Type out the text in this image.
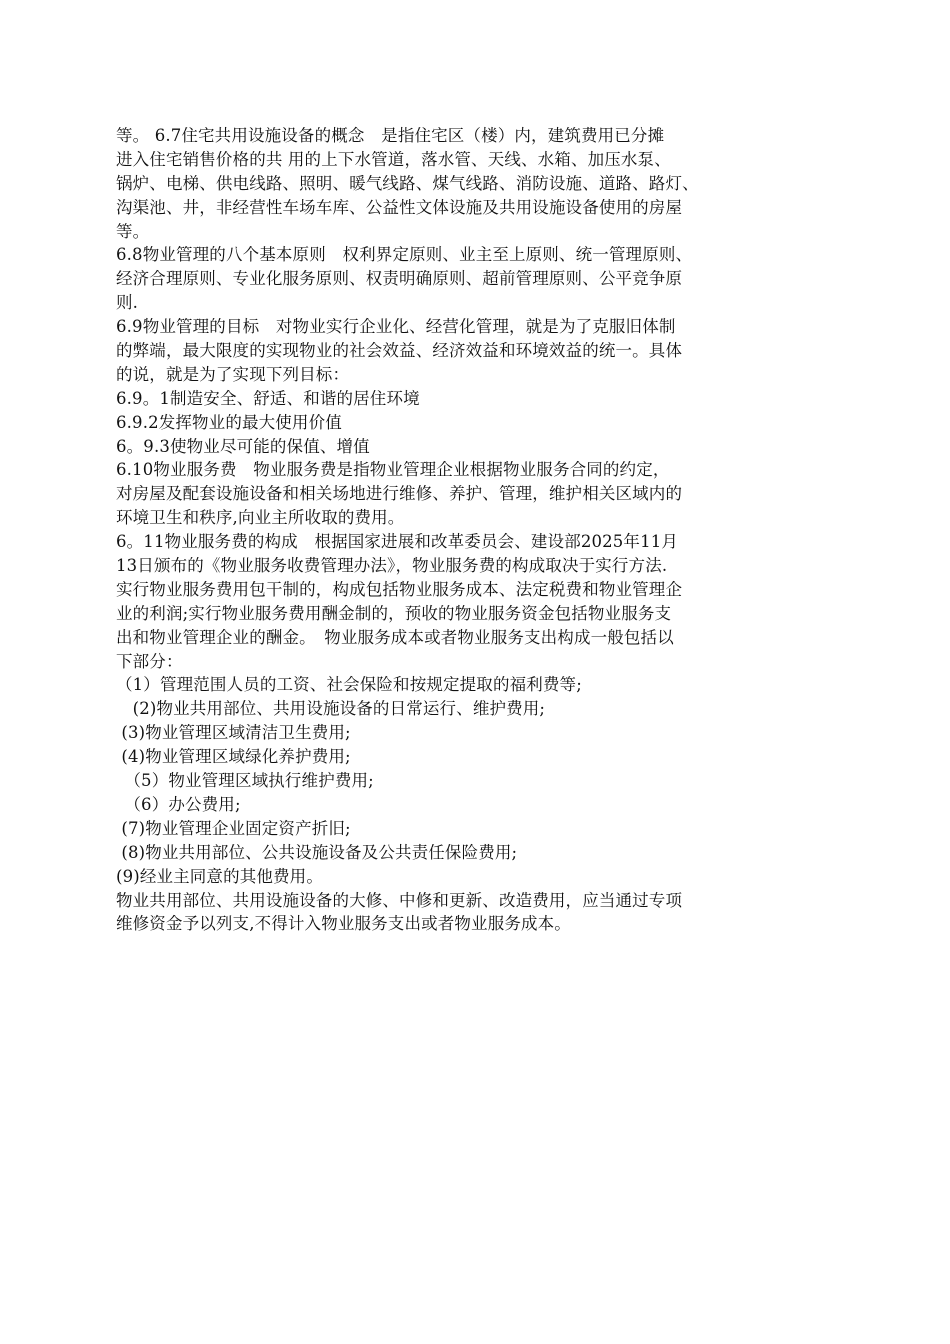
等。 6.7住宅共用设施设备的概念　是指住宅区（楼）内，建筑费用已分摊
进入住宅销售价格的共 用的上下水管道，落水管、天线、水箱、加压水泵、
锅炉、电梯、供电线路、照明、暖气线路、煤气线路、消防设施、道路、路灯、
沟渠池、井，非经营性车场车库、公益性文体设施及共用设施设备使用的房屋
等。
6.8物业管理的八个基本原则　权利界定原则、业主至上原则、统一管理原则、
经济合理原则、专业化服务原则、权责明确原则、超前管理原则、公平竞争原
则.
6.9物业管理的目标　对物业实行企业化、经营化管理，就是为了克服旧体制
的弊端，最大限度的实现物业的社会效益、经济效益和环境效益的统一。具体
的说，就是为了实现下列目标：
6.9。1制造安全、舒适、和谐的居住环境
6.9.2发挥物业的最大使用价值
6。9.3使物业尽可能的保值、增值
6.10物业服务费　物业服务费是指物业管理企业根据物业服务合同的约定，
对房屋及配套设施设备和相关场地进行维修、养护、管理，维护相关区域内的
环境卫生和秩序,向业主所收取的费用。
6。11物业服务费的构成　根据国家进展和改革委员会、建设部2025年11月
13日颁布的《物业服务收费管理办法》，物业服务费的构成取决于实行方法.
实行物业服务费用包干制的，构成包括物业服务成本、法定税费和物业管理企
业的利润;实行物业服务费用酬金制的，预收的物业服务资金包括物业服务支
出和物业管理企业的酬金。　物业服务成本或者物业服务支出构成一般包括以
下部分：
（1）管理范围人员的工资、社会保险和按规定提取的福利费等;
　(2)物业共用部位、共用设施设备的日常运行、维护费用;
(3)物业管理区域清洁卫生费用;
(4)物业管理区域绿化养护费用;
　（5）物业管理区域执行维护费用;
　（6）办公费用;
(7)物业管理企业固定资产折旧;
(8)物业共用部位、公共设施设备及公共责任保险费用;
(9)经业主同意的其他费用。
物业共用部位、共用设施设备的大修、中修和更新、改造费用，应当通过专项
维修资金予以列支,不得计入物业服务支出或者物业服务成本。
